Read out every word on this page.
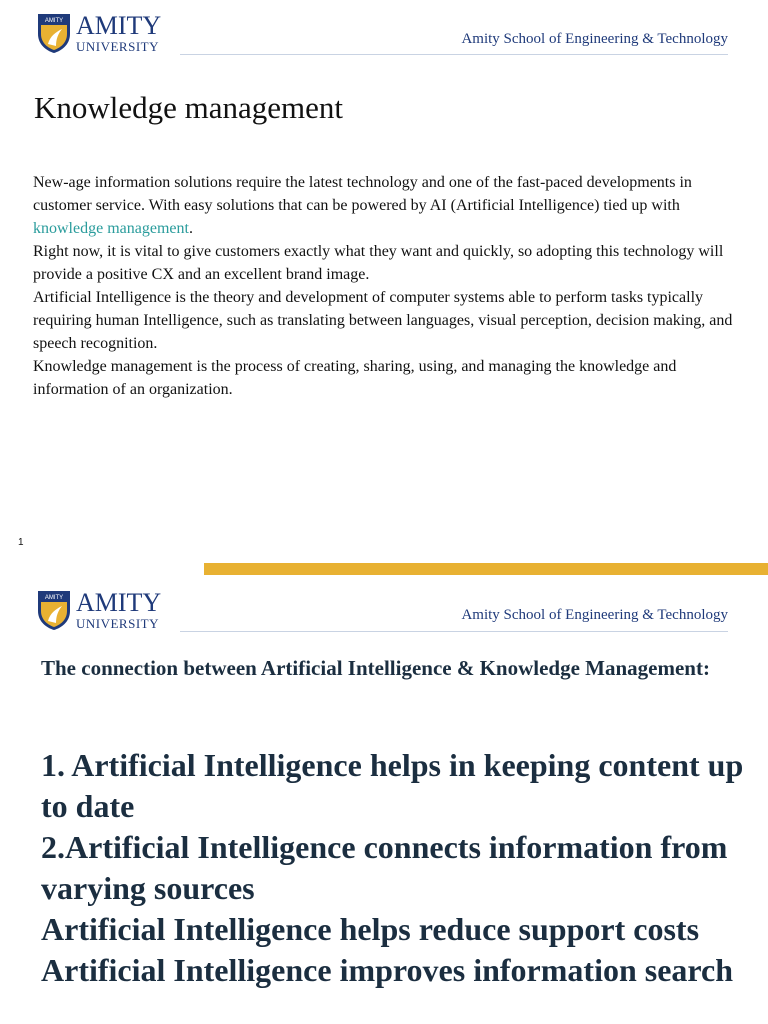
AMITY AMITY
UNIVERSITY	Amity School of Engineering & Technology
Knowledge management

New-age information solutions require the latest technology and one of the fast-paced developments in customer service. With easy solutions that can be powered by AI (Artificial Intelligence) tied up with knowledge management.

Right now, it is vital to give customers exactly what they want and quickly, so adopting this technology will provide a positive CX and an excellent brand image.

Artificial Intelligence is the theory and development of computer systems able to perform tasks typically requiring human Intelligence, such as translating between languages, visual perception, decision making, and speech recognition.

Knowledge management is the process of creating, sharing, using, and managing the knowledge and information of an organization.

1
AMITY AMITY
UNIVERSITY
Amity School of Engineering & Technology
The connection between Artificial Intelligence & Knowledge Management:
1. Artificial Intelligence helps in keeping content up to date
2.Artificial Intelligence connects information from varying sources
Artificial Intelligence helps reduce support costs
Artificial Intelligence improves information search
